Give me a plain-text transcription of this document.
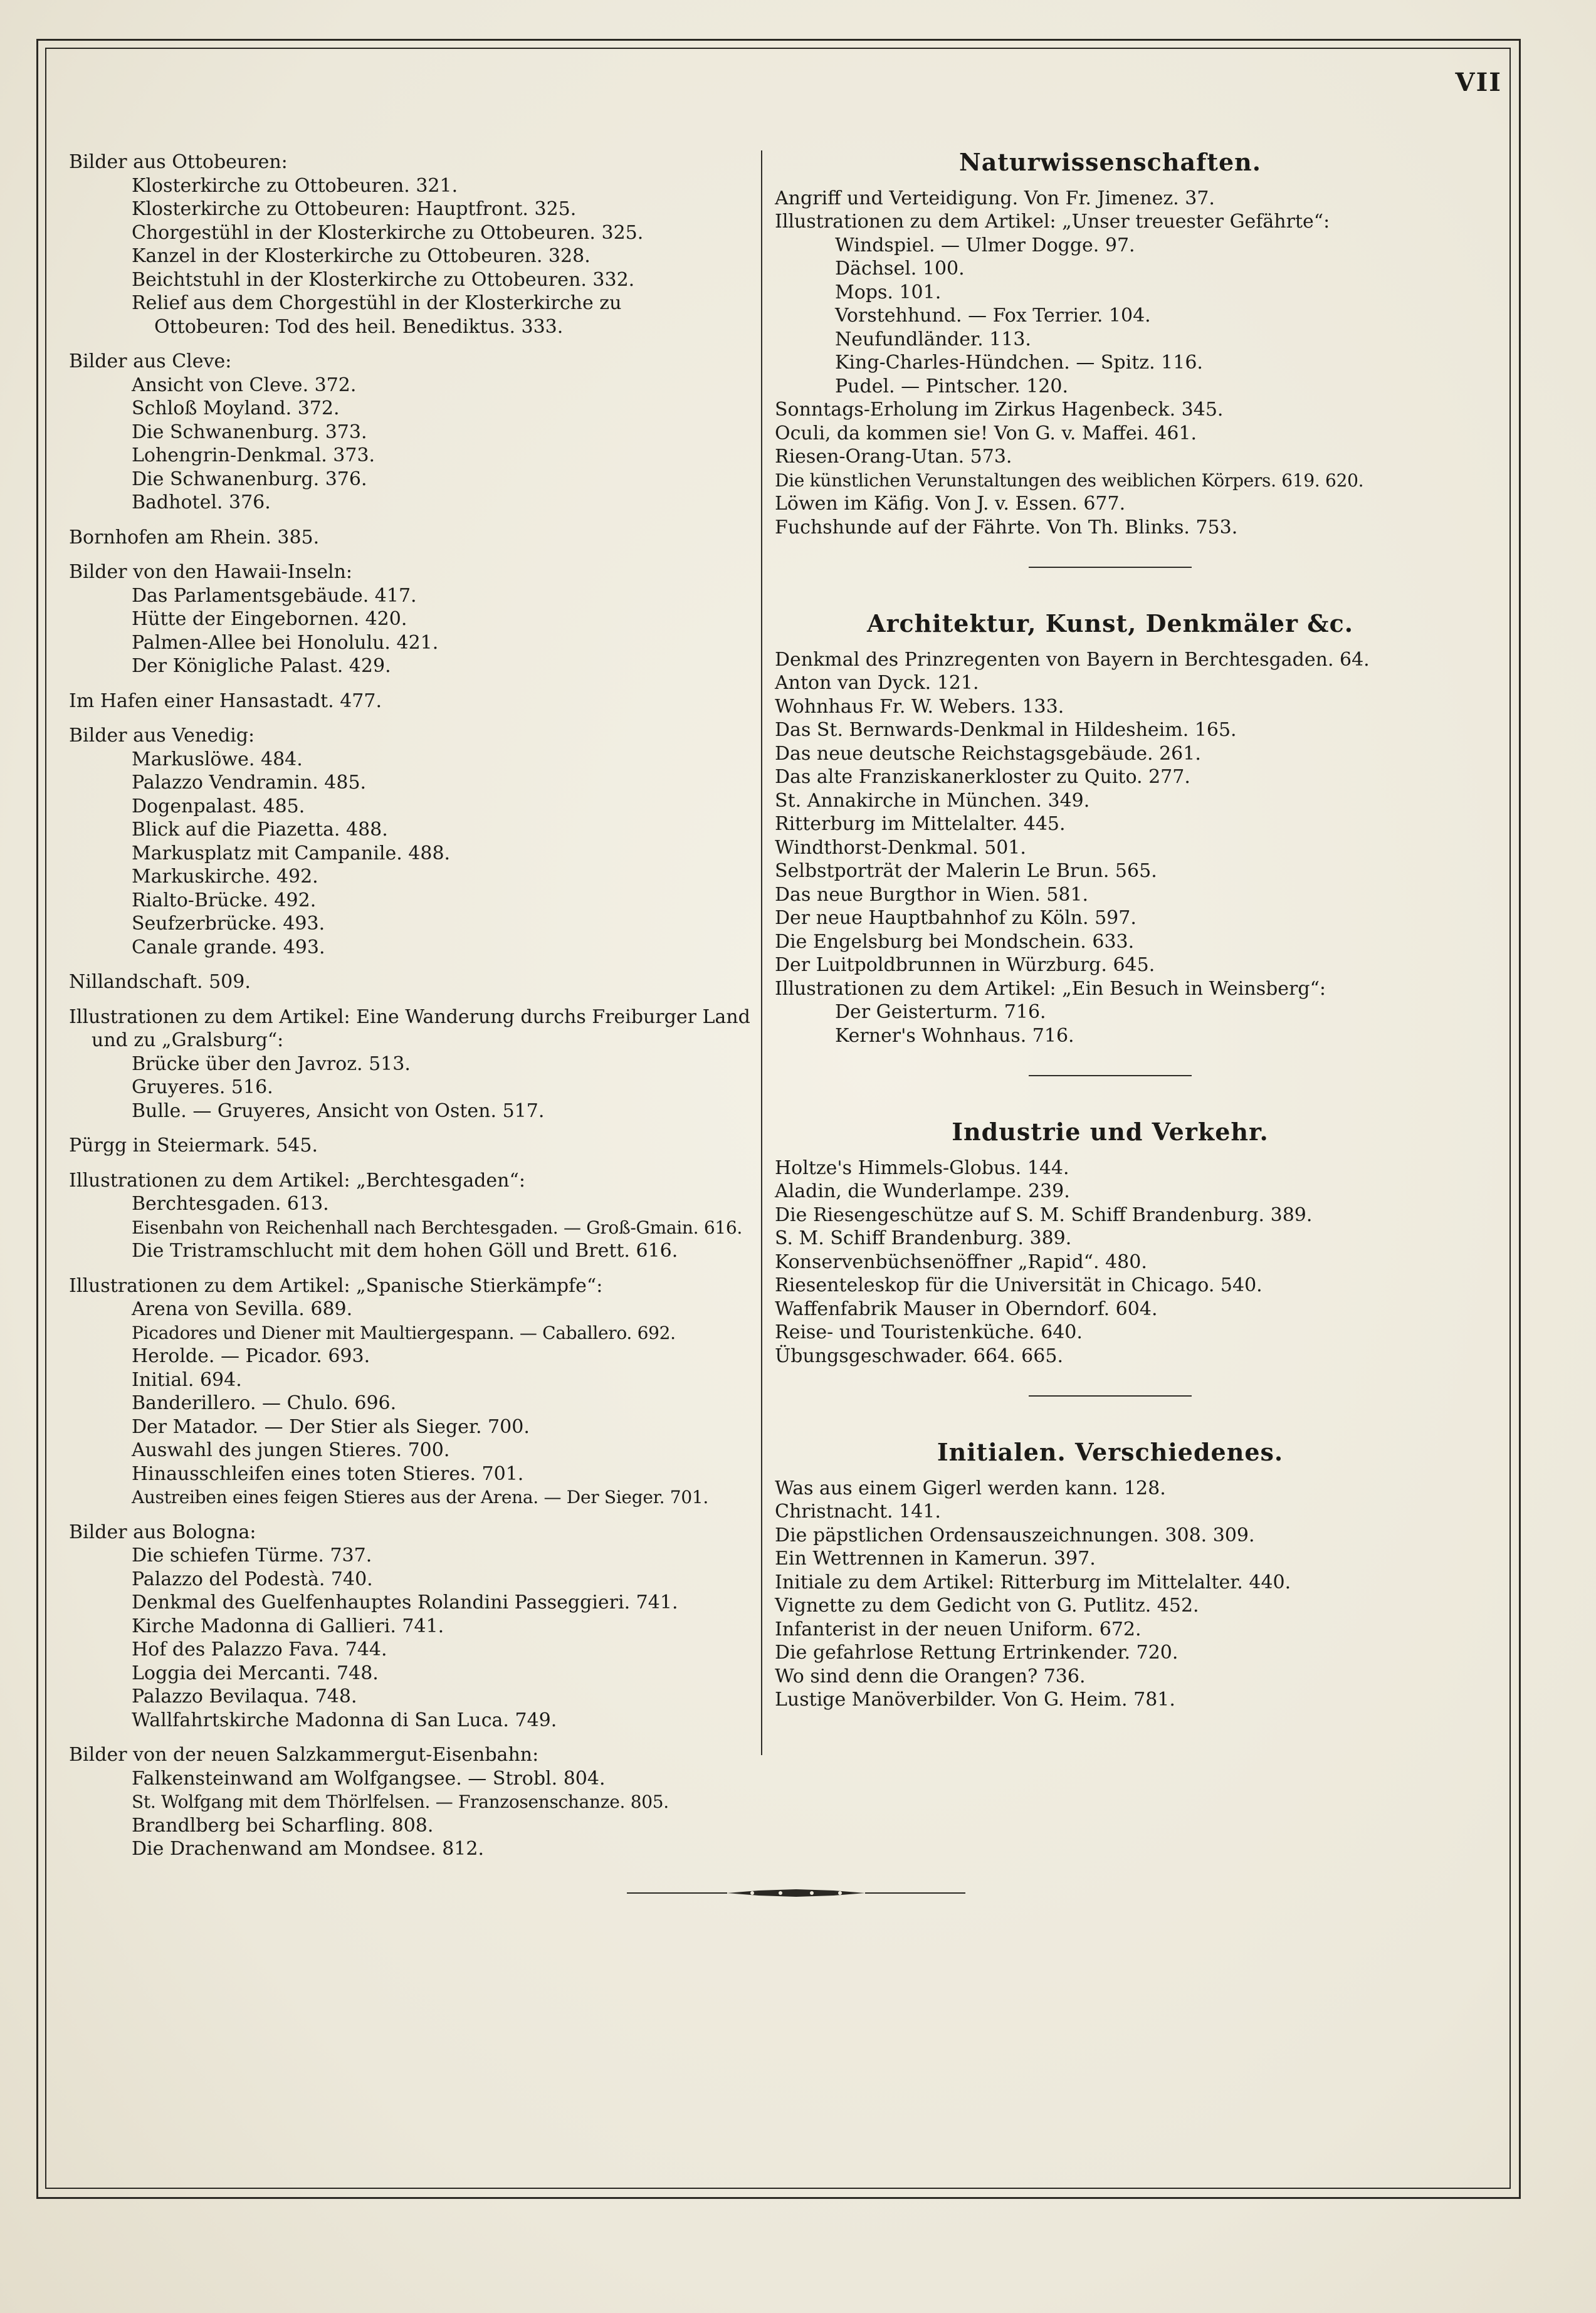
VII
Bilder aus Ottobeuren:
Klosterkirche zu Ottobeuren. 321.
Klosterkirche zu Ottobeuren: Hauptfront. 325.
Chorgestühl in der Klosterkirche zu Ottobeuren. 325.
Kanzel in der Klosterkirche zu Ottobeuren. 328.
Beichtstuhl in der Klosterkirche zu Ottobeuren. 332.
Relief aus dem Chorgestühl in der Klosterkirche zu Ottobeuren: Tod des heil. Benediktus. 333.
Bilder aus Cleve:
Ansicht von Cleve. 372.
Schloß Moyland. 372.
Die Schwanenburg. 373.
Lohengrin-Denkmal. 373.
Die Schwanenburg. 376.
Badhotel. 376.
Bornhofen am Rhein. 385.
Bilder von den Hawaii-Inseln:
Das Parlamentsgebäude. 417.
Hütte der Eingebornen. 420.
Palmen-Allee bei Honolulu. 421.
Der Königliche Palast. 429.
Im Hafen einer Hansastadt. 477.
Bilder aus Venedig:
Markuslöwe. 484.
Palazzo Vendramin. 485.
Dogenpalast. 485.
Blick auf die Piazetta. 488.
Markusplatz mit Campanile. 488.
Markuskirche. 492.
Rialto-Brücke. 492.
Seufzerbrücke. 493.
Canale grande. 493.
Nillandschaft. 509.
Illustrationen zu dem Artikel: Eine Wanderung durchs Freiburger Land und zu „Gralsburg“:
Brücke über den Javroz. 513.
Gruyeres. 516.
Bulle. — Gruyeres, Ansicht von Osten. 517.
Pürgg in Steiermark. 545.
Illustrationen zu dem Artikel: „Berchtesgaden“:
Berchtesgaden. 613.
Eisenbahn von Reichenhall nach Berchtesgaden. — Groß-Gmain. 616.
Die Tristramschlucht mit dem hohen Göll und Brett. 616.
Illustrationen zu dem Artikel: „Spanische Stierkämpfe“:
Arena von Sevilla. 689.
Picadores und Diener mit Maultiergespann. — Caballero. 692.
Herolde. — Picador. 693.
Initial. 694.
Banderillero. — Chulo. 696.
Der Matador. — Der Stier als Sieger. 700.
Auswahl des jungen Stieres. 700.
Hinausschleifen eines toten Stieres. 701.
Austreiben eines feigen Stieres aus der Arena. — Der Sieger. 701.
Bilder aus Bologna:
Die schiefen Türme. 737.
Palazzo del Podestà. 740.
Denkmal des Guelfenhauptes Rolandini Passeggieri. 741.
Kirche Madonna di Gallieri. 741.
Hof des Palazzo Fava. 744.
Loggia dei Mercanti. 748.
Palazzo Bevilaqua. 748.
Wallfahrtskirche Madonna di San Luca. 749.
Bilder von der neuen Salzkammergut-Eisenbahn:
Falkensteinwand am Wolfgangsee. — Strobl. 804.
St. Wolfgang mit dem Thörlfelsen. — Franzosenschanze. 805.
Brandlberg bei Scharfling. 808.
Die Drachenwand am Mondsee. 812.
Naturwissenschaften.
Angriff und Verteidigung. Von Fr. Jimenez. 37.
Illustrationen zu dem Artikel: „Unser treuester Gefährte“:
Windspiel. — Ulmer Dogge. 97.
Dächsel. 100.
Mops. 101.
Vorstehhund. — Fox Terrier. 104.
Neufundländer. 113.
King-Charles-Hündchen. — Spitz. 116.
Pudel. — Pintscher. 120.
Sonntags-Erholung im Zirkus Hagenbeck. 345.
Oculi, da kommen sie! Von G. v. Maffei. 461.
Riesen-Orang-Utan. 573.
Die künstlichen Verunstaltungen des weiblichen Körpers. 619. 620.
Löwen im Käfig. Von J. v. Essen. 677.
Fuchshunde auf der Fährte. Von Th. Blinks. 753.
Architektur, Kunst, Denkmäler &c.
Denkmal des Prinzregenten von Bayern in Berchtesgaden. 64.
Anton van Dyck. 121.
Wohnhaus Fr. W. Webers. 133.
Das St. Bernwards-Denkmal in Hildesheim. 165.
Das neue deutsche Reichstagsgebäude. 261.
Das alte Franziskanerkloster zu Quito. 277.
St. Annakirche in München. 349.
Ritterburg im Mittelalter. 445.
Windthorst-Denkmal. 501.
Selbstporträt der Malerin Le Brun. 565.
Das neue Burgthor in Wien. 581.
Der neue Hauptbahnhof zu Köln. 597.
Die Engelsburg bei Mondschein. 633.
Der Luitpoldbrunnen in Würzburg. 645.
Illustrationen zu dem Artikel: „Ein Besuch in Weinsberg“:
Der Geisterturm. 716.
Kerner's Wohnhaus. 716.
Industrie und Verkehr.
Holtze's Himmels-Globus. 144.
Aladin, die Wunderlampe. 239.
Die Riesengeschütze auf S. M. Schiff Brandenburg. 389.
S. M. Schiff Brandenburg. 389.
Konservenbüchsenöffner „Rapid“. 480.
Riesenteleskop für die Universität in Chicago. 540.
Waffenfabrik Mauser in Oberndorf. 604.
Reise- und Touristenküche. 640.
Übungsgeschwader. 664. 665.
Initialen. Verschiedenes.
Was aus einem Gigerl werden kann. 128.
Christnacht. 141.
Die päpstlichen Ordensauszeichnungen. 308. 309.
Ein Wettrennen in Kamerun. 397.
Initiale zu dem Artikel: Ritterburg im Mittelalter. 440.
Vignette zu dem Gedicht von G. Putlitz. 452.
Infanterist in der neuen Uniform. 672.
Die gefahrlose Rettung Ertrinkender. 720.
Wo sind denn die Orangen? 736.
Lustige Manöverbilder. Von G. Heim. 781.
